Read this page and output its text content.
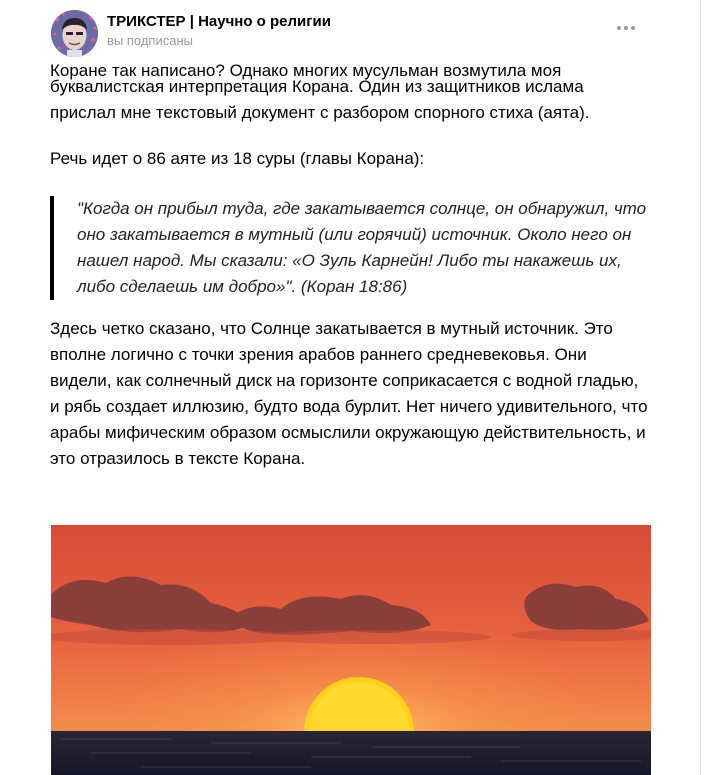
Коране так написано? Однако многих мусульман возмутила моя

буквалистская интерпретация Корана. Один из защитников ислама прислал мне текстовый документ с разбором спорного стиха (аята).

Речь идет о 86 аяте из 18 суры (главы Корана):

"Когда он прибыл туда, где закатывается солнце, он обнаружил, что оно закатывается в мутный (или горячий) источник. Около него он нашел народ. Мы сказали: «О Зуль Карнейн! Либо ты накажешь их, либо сделаешь им добро»". (Коран 18:86)

Здесь четко сказано, что Солнце закатывается в мутный источник. Это вполне логично с точки зрения арабов раннего средневековья. Они видели, как солнечный диск на горизонте соприкасается с водной гладью, и рябь создает иллюзию, будто вода бурлит. Нет ничего удивительного, что арабы мифическим образом осмыслили окружающую действительность, и это отразилось в тексте Корана.

ТРИКСТЕР | Научно о религии
вы подписаны
